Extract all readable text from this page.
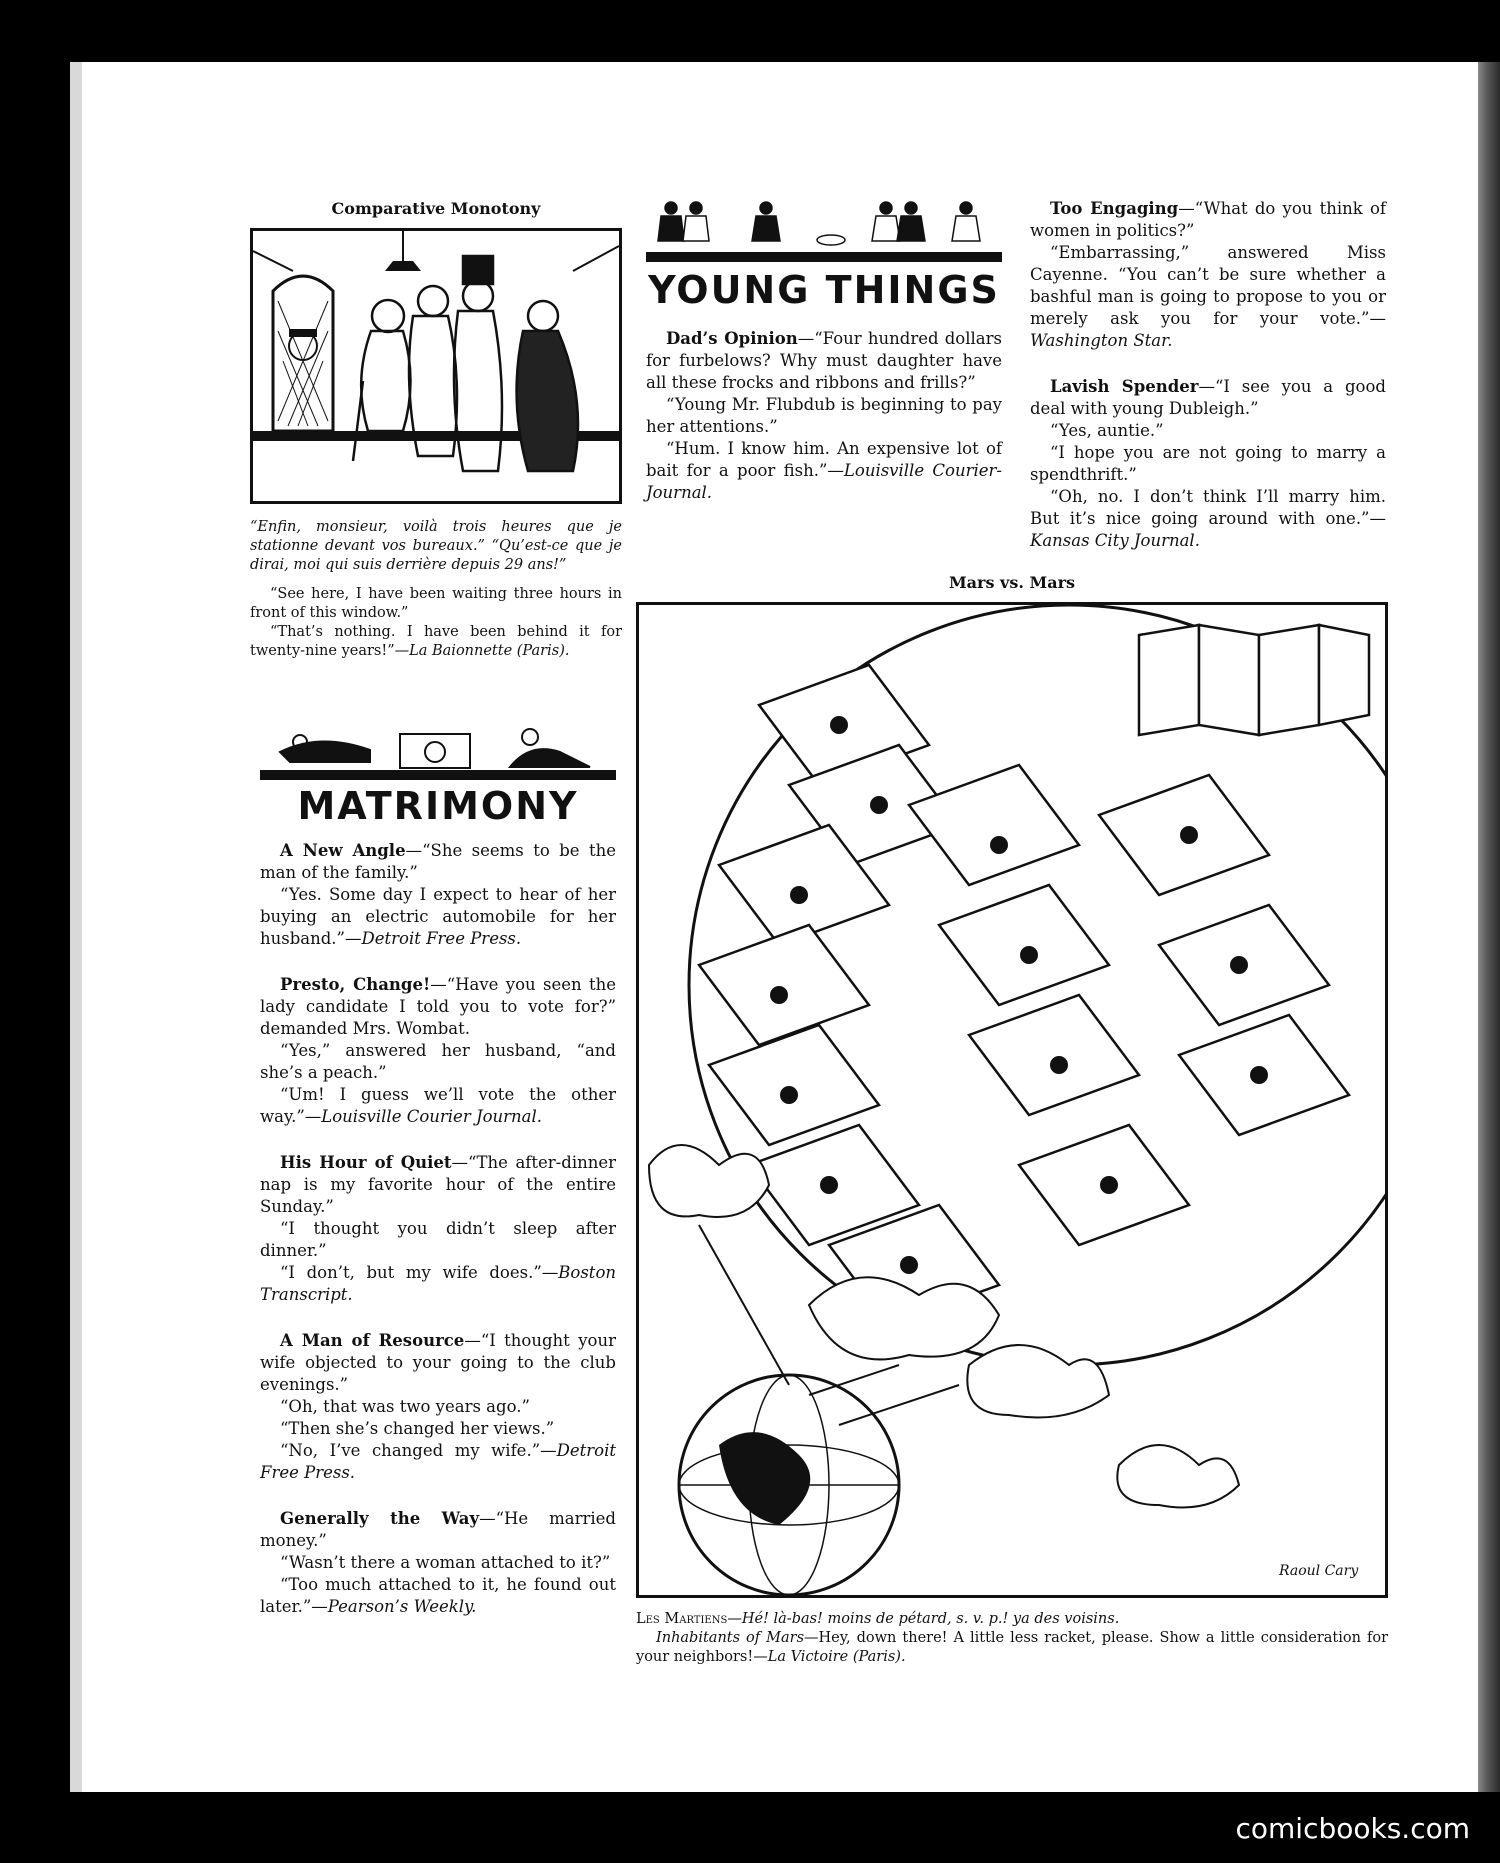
Comparative Monotony
“Enfin, monsieur, voilà trois heures que je stationne devant vos bureaux.” “Qu’est-ce que je dirai, moi qui suis derrière depuis 29 ans!”
“See here, I have been waiting three hours in front of this window.”
“That’s nothing. I have been behind it for twenty-nine years!”—La Baionnette (Paris).
MATRIMONY

A New Angle—“She seems to be the man of the family.”

“Yes. Some day I expect to hear of her buying an electric automobile for her husband.”—Detroit Free Press.

Presto, Change!—“Have you seen the lady candidate I told you to vote for?” demanded Mrs. Wombat.

“Yes,” answered her husband, “and she’s a peach.”

“Um! I guess we’ll vote the other way.”—Louisville Courier Journal.

His Hour of Quiet—“The after-dinner nap is my favorite hour of the entire Sunday.”

“I thought you didn’t sleep after dinner.”

“I don’t, but my wife does.”—Boston Transcript.

A Man of Resource—“I thought your wife objected to your going to the club evenings.”

“Oh, that was two years ago.”

“Then she’s changed her views.”

“No, I’ve changed my wife.”—Detroit Free Press.

Generally the Way—“He married money.”

“Wasn’t there a woman attached to it?”

“Too much attached to it, he found out later.”—Pearson’s Weekly.

YOUNG THINGS

Dad’s Opinion—“Four hundred dollars for furbelows? Why must daughter have all these frocks and ribbons and frills?”

“Young Mr. Flubdub is beginning to pay her attentions.”

“Hum. I know him. An expensive lot of bait for a poor fish.”—Louisville Courier-Journal.

Too Engaging—“What do you think of women in politics?”

“Embarrassing,” answered Miss Cayenne. “You can’t be sure whether a bashful man is going to propose to you or merely ask you for your vote.”—Washington Star.

Lavish Spender—“I see you a good deal with young Dubleigh.”

“Yes, auntie.”

“I hope you are not going to marry a spendthrift.”

“Oh, no. I don’t think I’ll marry him. But it’s nice going around with one.”—Kansas City Journal.

Mars vs. Mars
Raoul Cary
Les Martiens—Hé! là-bas! moins de pétard, s. v. p.! ya des voisins.
Inhabitants of Mars—Hey, down there! A little less racket, please. Show a little consideration for your neighbors!—La Victoire (Paris).
comicbooks.com
